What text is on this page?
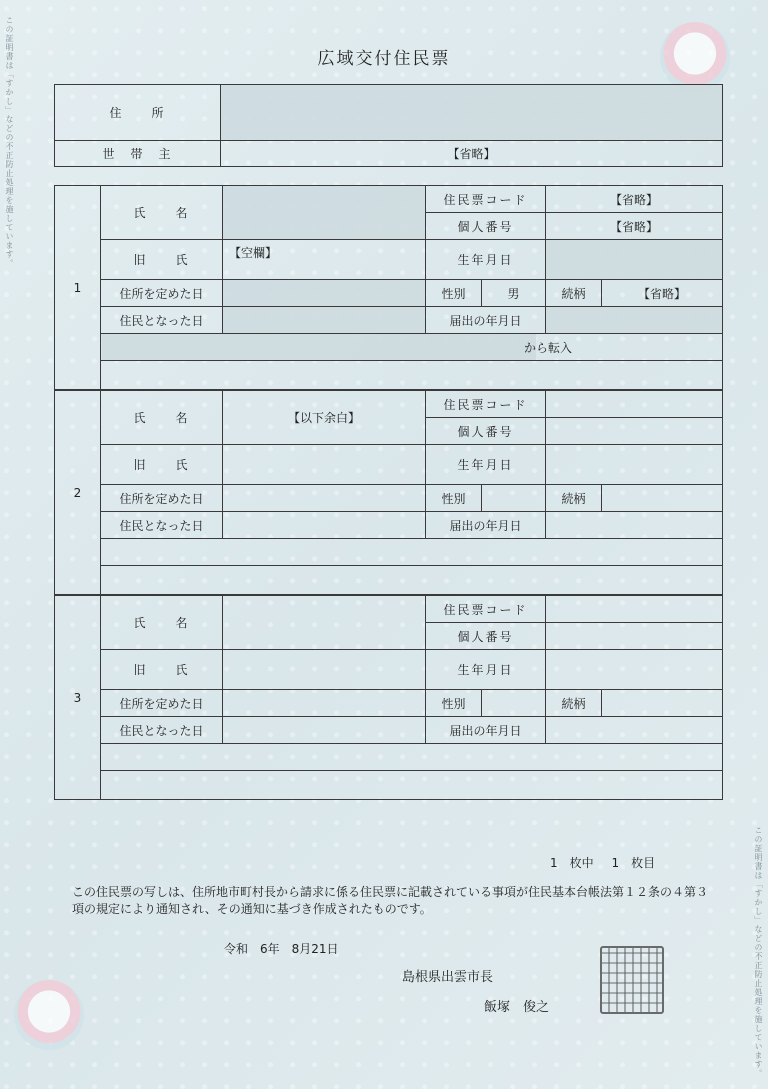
この証明書は「すかし」などの不正防止処理を施しています。
この証明書は「すかし」などの不正防止処理を施しています。
広域交付住民票
住　　所	
世　帯　主	【省略】
1	氏　　名		住民票コード		【省略】	
			個人番号		【省略】	
	旧　　氏	【空欄】	生年月日			
	住所を定めた日		性別	男	続柄	【省略】
	住民となった日		届出の年月日			
	から転入					

2	氏　　名	【以下余白】	住民票コード			
			個人番号			
	旧　　氏		生年月日			
	住所を定めた日		性別		続柄	
	住民となった日		届出の年月日			

3	氏　　名		住民票コード			
			個人番号			
	旧　　氏		生年月日			
	住所を定めた日		性別		続柄	
	住民となった日		届出の年月日			

1　枚中 1　枚目
この住民票の写しは、住所地市町村長から請求に係る住民票に記載されている事項が住民基本台帳法第１２条の４第３項の規定により通知され、その通知に基づき作成されたものです。
令和　6年　8月21日
島根県出雲市長
飯塚　俊之
